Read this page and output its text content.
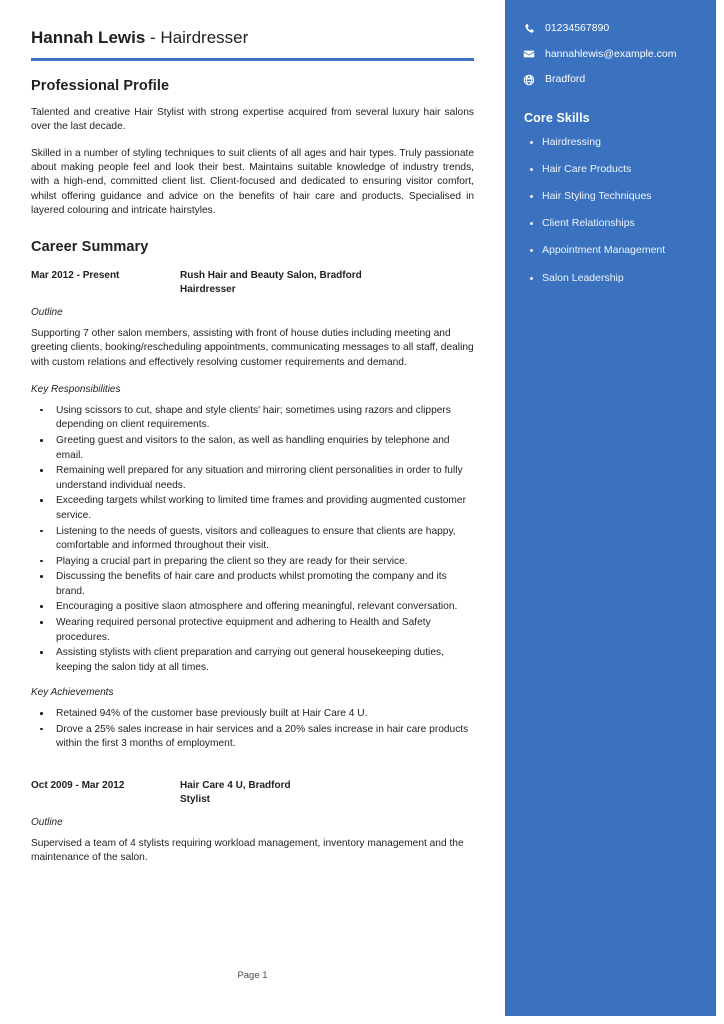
Hannah Lewis - Hairdresser
Professional Profile

Talented and creative Hair Stylist with strong expertise acquired from several luxury hair salons over the last decade.

Skilled in a number of styling techniques to suit clients of all ages and hair types. Truly passionate about making people feel and look their best. Maintains suitable knowledge of industry trends, with a high-end, committed client list. Client-focused and dedicated to ensuring visitor comfort, whilst offering guidance and advice on the benefits of hair care and products. Specialised in layered colouring and intricate hairstyles.

Career Summary
Mar 2012 - Present	Rush Hair and Beauty Salon, Bradford
Hairdresser
Outline
Supporting 7 other salon members, assisting with front of house duties including meeting and greeting clients, booking/rescheduling appointments, communicating messages to all staff, dealing with custom relations and effectively resolving customer requirements and demand.
Key Responsibilities
Using scissors to cut, shape and style clients' hair; sometimes using razors and clippers depending on client requirements.
Greeting guest and visitors to the salon, as well as handling enquiries by telephone and email.
Remaining well prepared for any situation and mirroring client personalities in order to fully understand individual needs.
Exceeding targets whilst working to limited time frames and providing augmented customer service.
Listening to the needs of guests, visitors and colleagues to ensure that clients are happy, comfortable and informed throughout their visit.
Playing a crucial part in preparing the client so they are ready for their service.
Discussing the benefits of hair care and products whilst promoting the company and its brand.
Encouraging a positive slaon atmosphere and offering meaningful, relevant conversation.
Wearing required personal protective equipment and adhering to Health and Safety procedures.
Assisting stylists with client preparation and carrying out general housekeeping duties, keeping the salon tidy at all times.
Key Achievements
Retained 94% of the customer base previously built at Hair Care 4 U.
Drove a 25% sales increase in hair services and a 20% sales increase in hair care products within the first 3 months of employment.
Oct 2009 - Mar 2012	Hair Care 4 U, Bradford
Stylist
Outline
Supervised a team of 4 stylists requiring workload management, inventory management and the maintenance of the salon.
Page 1
01234567890
hannahlewis@example.com
Bradford
Core Skills
Hairdressing
Hair Care Products
Hair Styling Techniques
Client Relationships
Appointment Management
Salon Leadership
